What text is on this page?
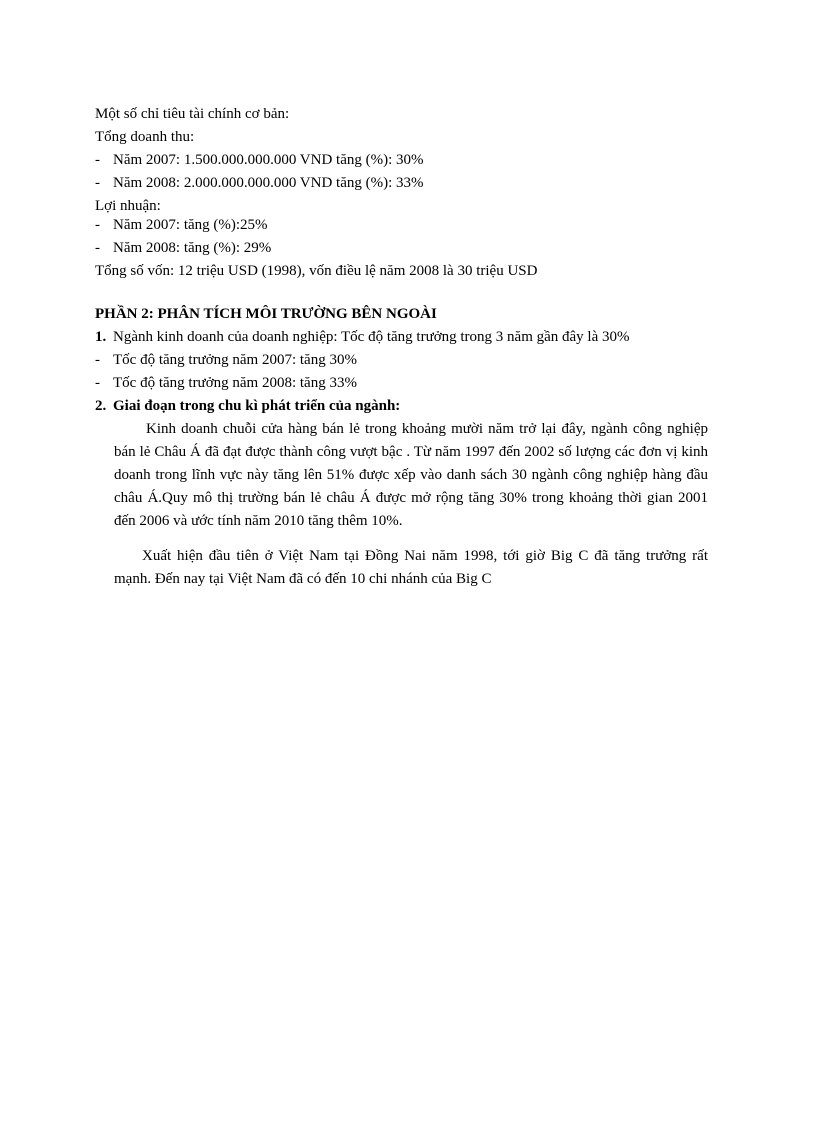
Một số chỉ tiêu tài chính cơ bản:
Tổng doanh thu:
- Năm 2007: 1.500.000.000.000 VND tăng (%): 30%
- Năm 2008: 2.000.000.000.000 VND tăng (%): 33%
Lợi nhuận:
- Năm 2007: tăng (%):25%
- Năm 2008: tăng (%): 29%
Tổng số vốn: 12 triệu USD (1998), vốn điều lệ năm 2008 là 30 triệu USD
PHẦN 2: PHÂN TÍCH MÔI TRƯỜNG BÊN NGOÀI
1. Ngành kinh doanh của doanh nghiệp: Tốc độ tăng trưởng trong 3 năm gần đây là 30%
- Tốc độ tăng trưởng năm 2007: tăng 30%
- Tốc độ tăng trưởng năm 2008: tăng 33%
2. Giai đoạn trong chu kì phát triển của ngành:
Kinh doanh chuỗi cửa hàng bán lẻ trong khoảng mười năm trở lại đây, ngành công nghiệp bán lẻ Châu Á đã đạt được thành công vượt bậc . Từ năm 1997 đến 2002 số lượng các đơn vị kinh doanh trong lĩnh vực này tăng lên 51% được xếp vào danh sách 30 ngành công nghiệp hàng đầu châu Á.Quy mô thị trường bán lẻ châu Á được mở rộng tăng 30% trong khoảng thời gian 2001 đến 2006 và ước tính năm 2010 tăng thêm 10%.
Xuất hiện đầu tiên ở Việt Nam tại Đồng Nai năm 1998, tới giờ Big C đã tăng trưởng rất mạnh. Đến nay tại Việt Nam đã có đến 10 chi nhánh của Big C
